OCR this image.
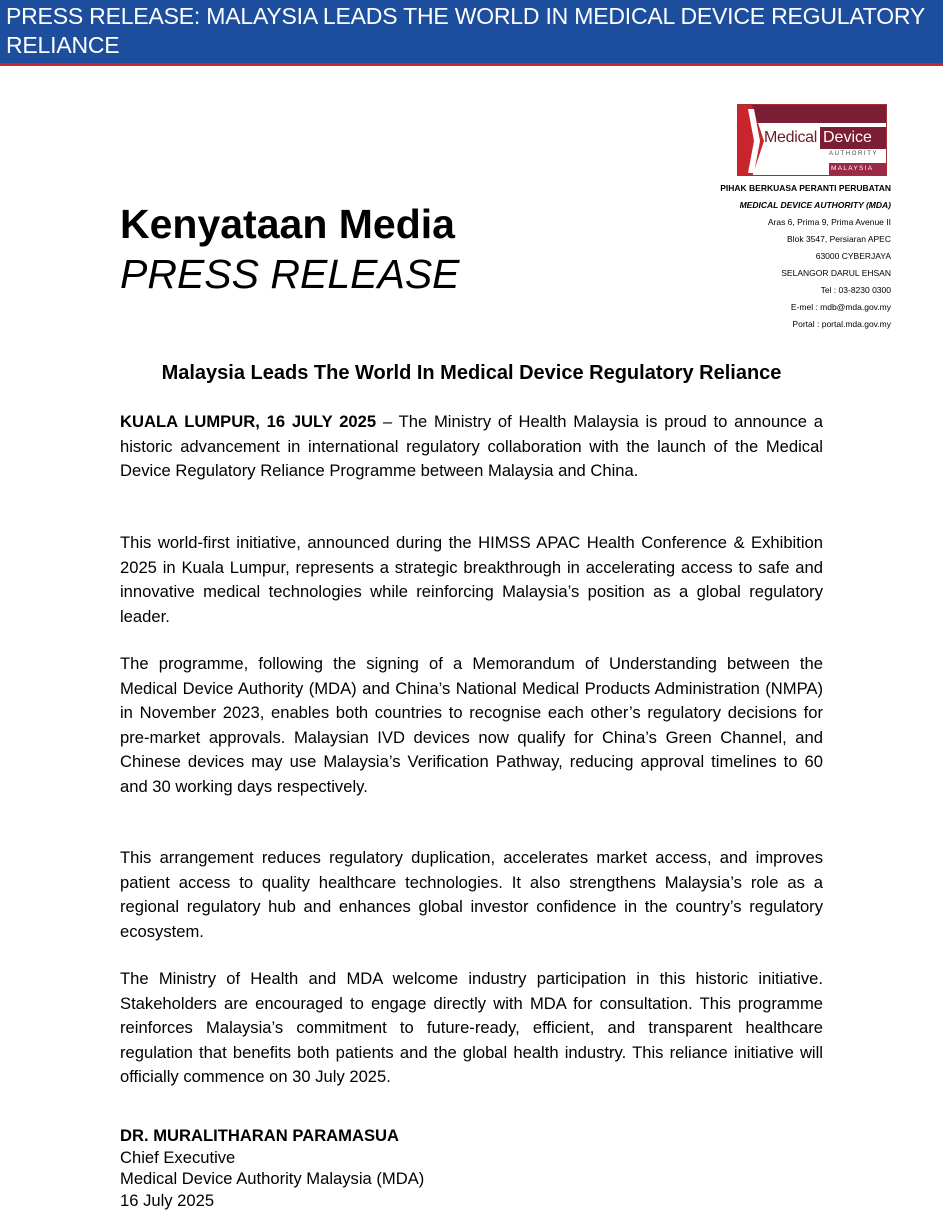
PRESS RELEASE: MALAYSIA LEADS THE WORLD IN MEDICAL DEVICE REGULATORY RELIANCE
Medical Device
AUTHORITY
MALAYSIA
PIHAK BERKUASA PERANTI PERUBATAN
MEDICAL DEVICE AUTHORITY (MDA)
Aras 6, Prima 9, Prima Avenue II
Blok 3547, Persiaran APEC
63000 CYBERJAYA
SELANGOR DARUL EHSAN
Tel : 03-8230 0300
E-mel : mdb@mda.gov.my
Portal : portal.mda.gov.my
Kenyataan Media
PRESS RELEASE
Malaysia Leads The World In Medical Device Regulatory Reliance

KUALA LUMPUR, 16 JULY 2025 – The Ministry of Health Malaysia is proud to announce a historic advancement in international regulatory collaboration with the launch of the Medical Device Regulatory Reliance Programme between Malaysia and China.

This world-first initiative, announced during the HIMSS APAC Health Conference & Exhibition 2025 in Kuala Lumpur, represents a strategic breakthrough in accelerating access to safe and innovative medical technologies while reinforcing Malaysia’s position as a global regulatory leader.

The programme, following the signing of a Memorandum of Understanding between the Medical Device Authority (MDA) and China’s National Medical Products Administration (NMPA) in November 2023, enables both countries to recognise each other’s regulatory decisions for pre-market approvals. Malaysian IVD devices now qualify for China’s Green Channel, and Chinese devices may use Malaysia’s Verification Pathway, reducing approval timelines to 60 and 30 working days respectively.

This arrangement reduces regulatory duplication, accelerates market access, and improves patient access to quality healthcare technologies. It also strengthens Malaysia’s role as a regional regulatory hub and enhances global investor confidence in the country’s regulatory ecosystem.

The Ministry of Health and MDA welcome industry participation in this historic initiative. Stakeholders are encouraged to engage directly with MDA for consultation. This programme reinforces Malaysia’s commitment to future-ready, efficient, and transparent healthcare regulation that benefits both patients and the global health industry. This reliance initiative will officially commence on 30 July 2025.

DR. MURALITHARAN PARAMASUA
Chief Executive
Medical Device Authority Malaysia (MDA)
16 July 2025
